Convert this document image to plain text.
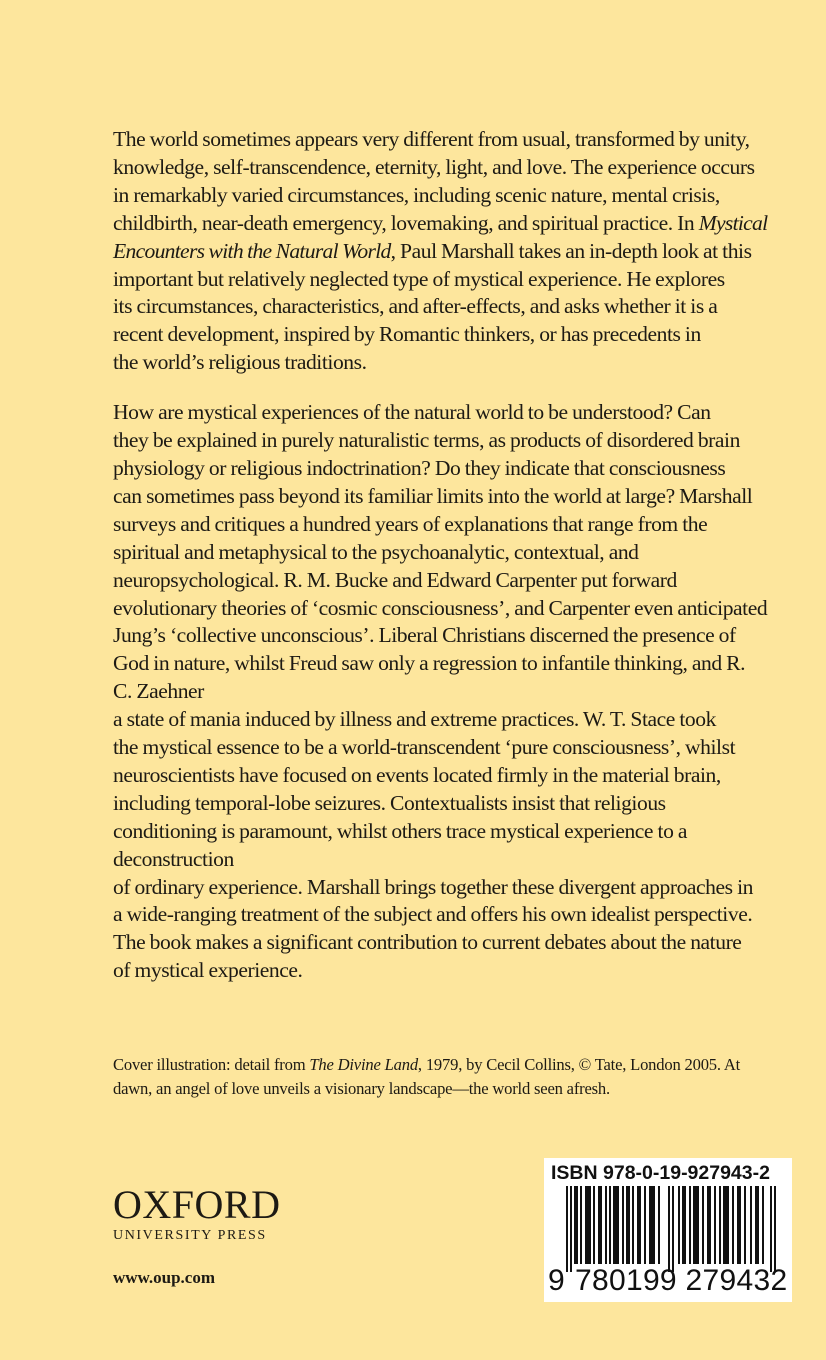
The world sometimes appears very different from usual, transformed by unity,
knowledge, self-transcendence, eternity, light, and love. The experience occurs
in remarkably varied circumstances, including scenic nature, mental crisis,
childbirth, near-death emergency, lovemaking, and spiritual practice. In Mystical
Encounters with the Natural World, Paul Marshall takes an in-depth look at this
important but relatively neglected type of mystical experience. He explores
its circumstances, characteristics, and after-effects, and asks whether it is a
recent development, inspired by Romantic thinkers, or has precedents in
the world’s religious traditions.

How are mystical experiences of the natural world to be understood? Can
they be explained in purely naturalistic terms, as products of disordered brain
physiology or religious indoctrination? Do they indicate that consciousness
can sometimes pass beyond its familiar limits into the world at large? Marshall
surveys and critiques a hundred years of explanations that range from the
spiritual and metaphysical to the psychoanalytic, contextual, and
neuropsychological. R. M. Bucke and Edward Carpenter put forward
evolutionary theories of ‘cosmic consciousness’, and Carpenter even anticipated
Jung’s ‘collective unconscious’. Liberal Christians discerned the presence of
God in nature, whilst Freud saw only a regression to infantile thinking, and R.
C. Zaehner
a state of mania induced by illness and extreme practices. W. T. Stace took
the mystical essence to be a world-transcendent ‘pure consciousness’, whilst
neuroscientists have focused on events located firmly in the material brain,
including temporal-lobe seizures. Contextualists insist that religious
conditioning is paramount, whilst others trace mystical experience to a
deconstruction
of ordinary experience. Marshall brings together these divergent approaches in
a wide-ranging treatment of the subject and offers his own idealist perspective.
The book makes a significant contribution to current debates about the nature
of mystical experience.

Cover illustration: detail from The Divine Land, 1979, by Cecil Collins, © Tate, London 2005. At
dawn, an angel of love unveils a visionary landscape—the world seen afresh.
OXFORD
UNIVERSITY PRESS
www.oup.com
ISBN 978-0-19-927943-2
9 780199 279432
